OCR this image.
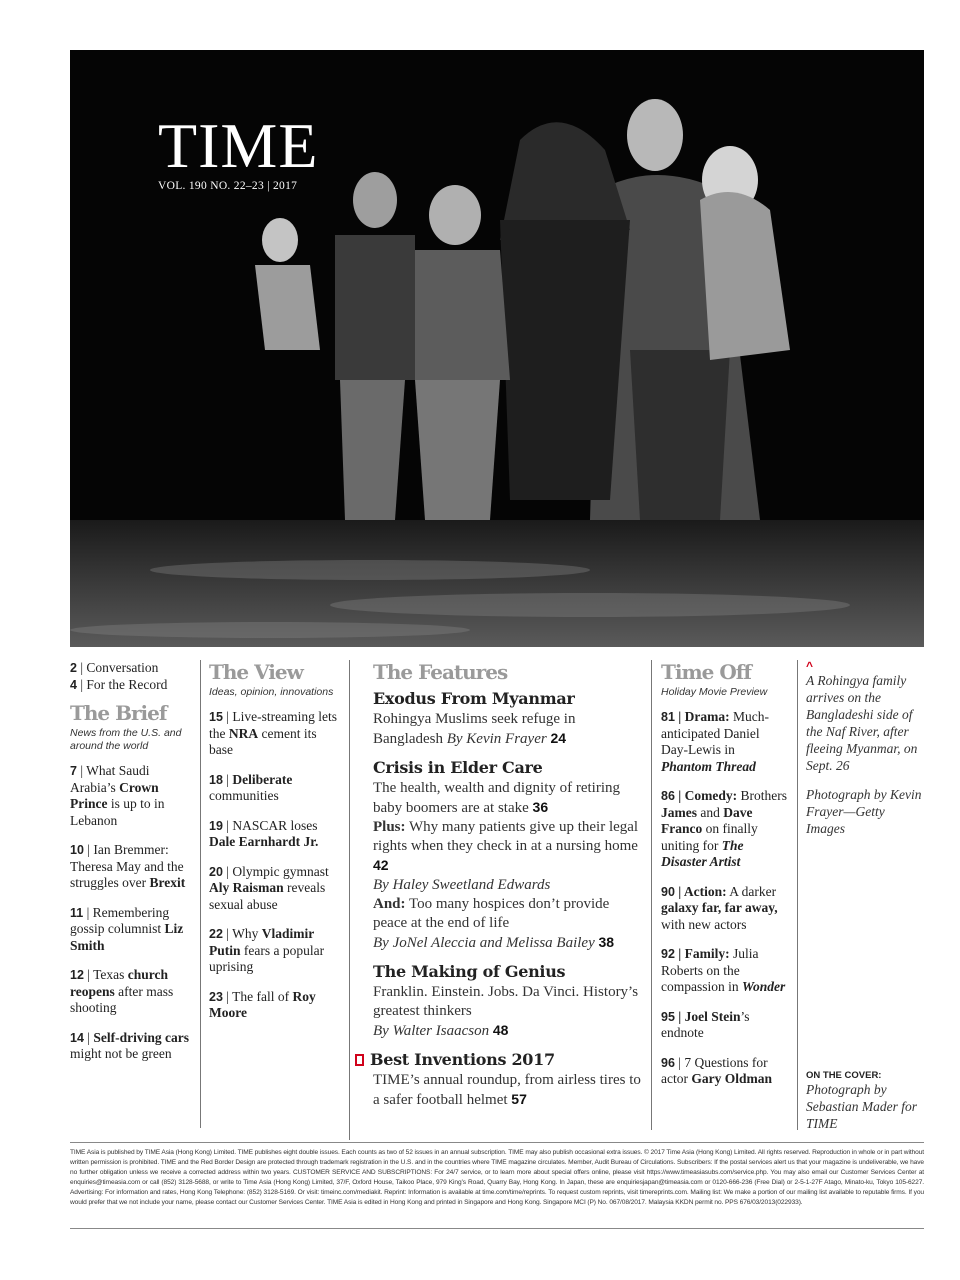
TIME
VOL. 190 NO. 22–23 | 2017
2 | Conversation
4 | For the Record
The Brief
News from the U.S. and around the world
7 | What Saudi Arabia’s Crown Prince is up to in Lebanon
10 | Ian Bremmer: Theresa May and the struggles over Brexit
11 | Remembering gossip columnist Liz Smith
12 | Texas church reopens after mass shooting
14 | Self-driving cars might not be green
The View
Ideas, opinion, innovations
15 | Live-streaming lets the NRA cement its base
18 | Deliberate communities
19 | NASCAR loses Dale Earnhardt Jr.
20 | Olympic gymnast Aly Raisman reveals sexual abuse
22 | Why Vladimir Putin fears a popular uprising
23 | The fall of Roy Moore
The Features
Exodus From Myanmar

Rohingya Muslims seek refuge in Bangladesh By Kevin Frayer 24

Crisis in Elder Care

The health, wealth and dignity of retiring baby boomers are at stake 36

Plus: Why many patients give up their legal rights when they check in at a nursing home 42

By Haley Sweetland Edwards

And: Too many hospices don’t provide peace at the end of life

By JoNel Aleccia and Melissa Bailey 38

The Making of Genius

Franklin. Einstein. Jobs. Da Vinci. History’s greatest thinkers

By Walter Isaacson 48

Best Inventions 2017

TIME’s annual roundup, from airless tires to a safer football helmet 57

Time Off
Holiday Movie Preview
81 | Drama: Much-anticipated Daniel Day-Lewis in Phantom Thread
86 | Comedy: Brothers James and Dave Franco on finally uniting for The Disaster Artist
90 | Action: A darker galaxy far, far away, with new actors
92 | Family: Julia Roberts on the compassion in Wonder
95 | Joel Stein’s endnote
96 | 7 Questions for actor Gary Oldman
^
A Rohingya family arrives on the Bangladeshi side of the Naf River, after fleeing Myanmar, on Sept. 26
Photograph by Kevin Frayer—Getty Images
ON THE COVER:
Photograph by Sebastian Mader for TIME
TIME Asia is published by TIME Asia (Hong Kong) Limited. TIME publishes eight double issues. Each counts as two of 52 issues in an annual subscription. TIME may also publish occasional extra issues. © 2017 Time Asia (Hong Kong) Limited. All rights reserved. Reproduction in whole or in part without written permission is prohibited. TIME and the Red Border Design are protected through trademark registration in the U.S. and in the countries where TIME magazine circulates. Member, Audit Bureau of Circulations. Subscribers: If the postal services alert us that your magazine is undeliverable, we have no further obligation unless we receive a corrected address within two years. CUSTOMER SERVICE AND SUBSCRIPTIONS: For 24/7 service, or to learn more about special offers online, please visit https://www.timeasiasubs.com/service.php. You may also email our Customer Services Center at enquiries@timeasia.com or call (852) 3128-5688, or write to Time Asia (Hong Kong) Limited, 37/F, Oxford House, Taikoo Place, 979 King’s Road, Quarry Bay, Hong Kong. In Japan, these are enquiriesjapan@timeasia.com or 0120-666-236 (Free Dial) or 2-5-1-27F Atago, Minato-ku, Tokyo 105-6227. Advertising: For information and rates, Hong Kong Telephone: (852) 3128-5169. Or visit: timeinc.com/mediakit. Reprint: Information is available at time.com/time/reprints. To request custom reprints, visit timereprints.com. Mailing list: We make a portion of our mailing list available to reputable firms. If you would prefer that we not include your name, please contact our Customer Services Center. TIME Asia is edited in Hong Kong and printed in Singapore and Hong Kong. Singapore MCI (P) No. 067/08/2017. Malaysia KKDN permit no. PPS 676/03/2013(022933).
